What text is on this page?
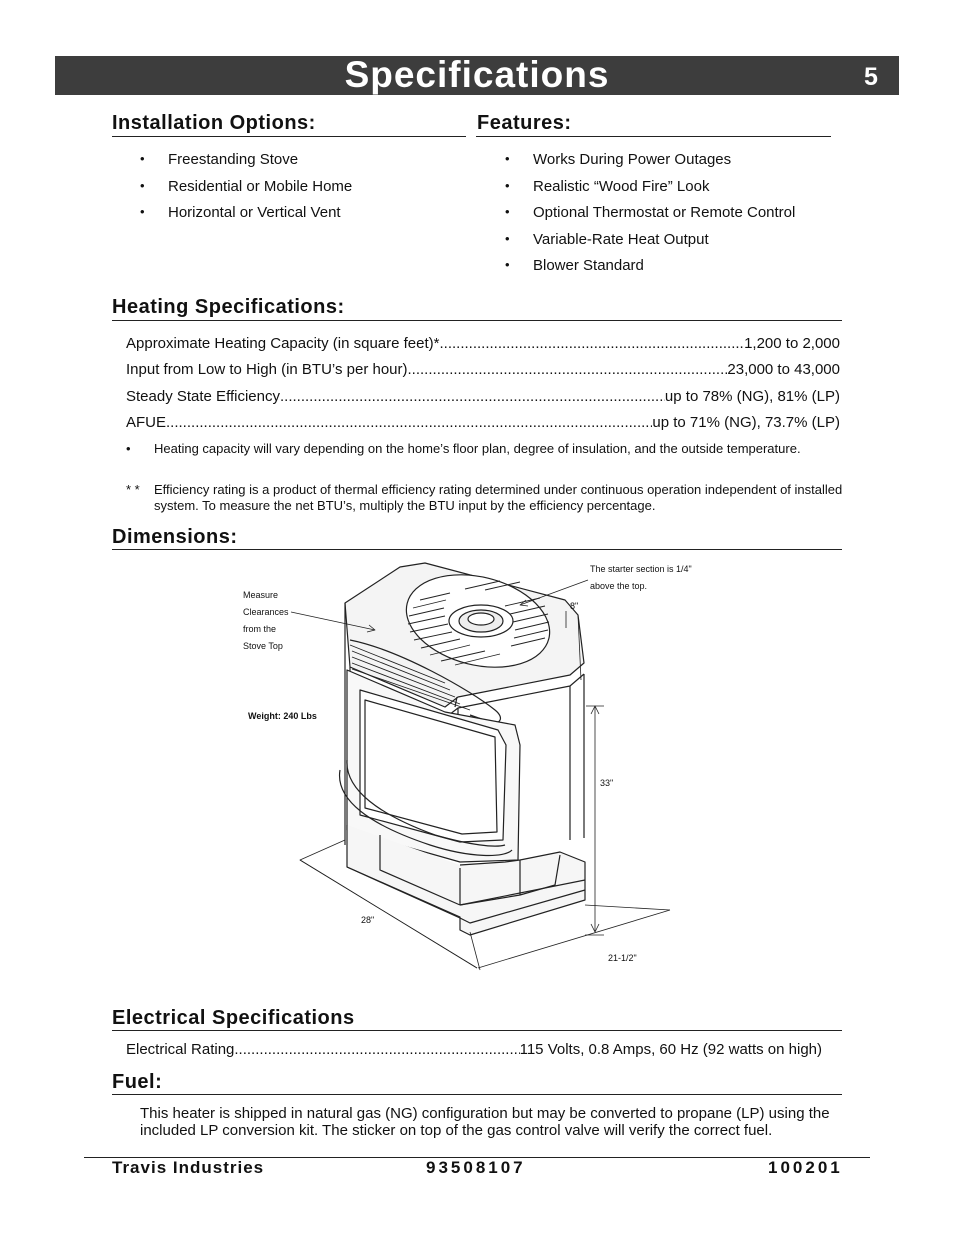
Specifications	5
Installation Options:
• Freestanding Stove
• Residential or Mobile Home
• Horizontal or Vertical Vent
Features:
• Works During Power Outages
• Realistic “Wood Fire” Look
• Optional Thermostat or Remote Control
• Variable-Rate Heat Output
• Blower Standard
Heating Specifications:
Approximate Heating Capacity (in square feet)* .....	1,200 to 2,000
Input from Low to High (in BTU’s per hour) .....	23,000 to 43,000
Steady State Efficiency .....	up to 78% (NG), 81% (LP)
AFUE .....	up to 71% (NG), 73.7% (LP)
• Heating capacity will vary depending on the home’s floor plan, degree of insulation, and the outside temperature.
* * Efficiency rating is a product of thermal efficiency rating determined under continuous operation independent of installed system. To measure the net BTU’s, multiply the BTU input by the efficiency percentage.
Dimensions:
Measure
Clearances
from the
Stove Top
Weight: 240 Lbs
The starter section is 1/4"
above the top.
8"
33"
28"
21-1/2"
Electrical Specifications
Electrical Rating .....	115 Volts, 0.8 Amps, 60 Hz (92 watts on high)
Fuel:
This heater is shipped in natural gas (NG) configuration but may be converted to propane (LP) using the included LP conversion kit. The sticker on top of the gas control valve will verify the correct fuel.
Travis Industries	93508107	100201
